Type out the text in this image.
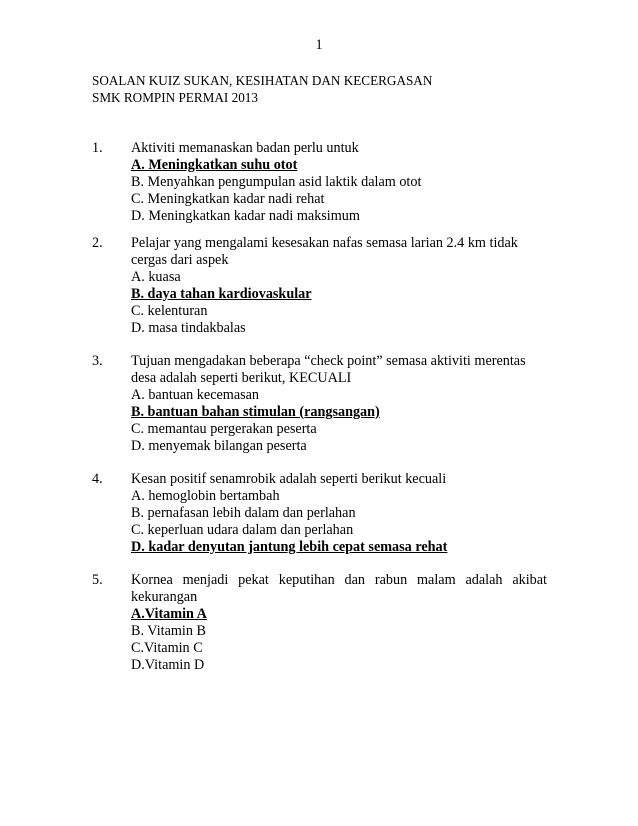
1
SOALAN KUIZ SUKAN, KESIHATAN DAN KECERGASAN
SMK ROMPIN PERMAI 2013
1. Aktiviti memanaskan badan perlu untuk
A. Meningkatkan suhu otot
B. Menyahkan pengumpulan asid laktik dalam otot
C. Meningkatkan kadar nadi rehat
D. Meningkatkan kadar nadi maksimum
2. Pelajar yang mengalami kesesakan nafas semasa larian 2.4 km tidak
cergas dari aspek
A. kuasa
B. daya tahan kardiovaskular
C. kelenturan
D. masa tindakbalas
3. Tujuan mengadakan beberapa “check point” semasa aktiviti merentas
desa adalah seperti berikut, KECUALI
A. bantuan kecemasan
B. bantuan bahan stimulan (rangsangan)
C. memantau pergerakan peserta
D. menyemak bilangan peserta
4. Kesan positif senamrobik adalah seperti berikut kecuali
A. hemoglobin bertambah
B. pernafasan lebih dalam dan perlahan
C. keperluan udara dalam dan perlahan
D. kadar denyutan jantung lebih cepat semasa rehat
5. Kornea menjadi pekat keputihan dan rabun malam adalah akibat
kekurangan
A.Vitamin A
B. Vitamin B
C.Vitamin C
D.Vitamin D
